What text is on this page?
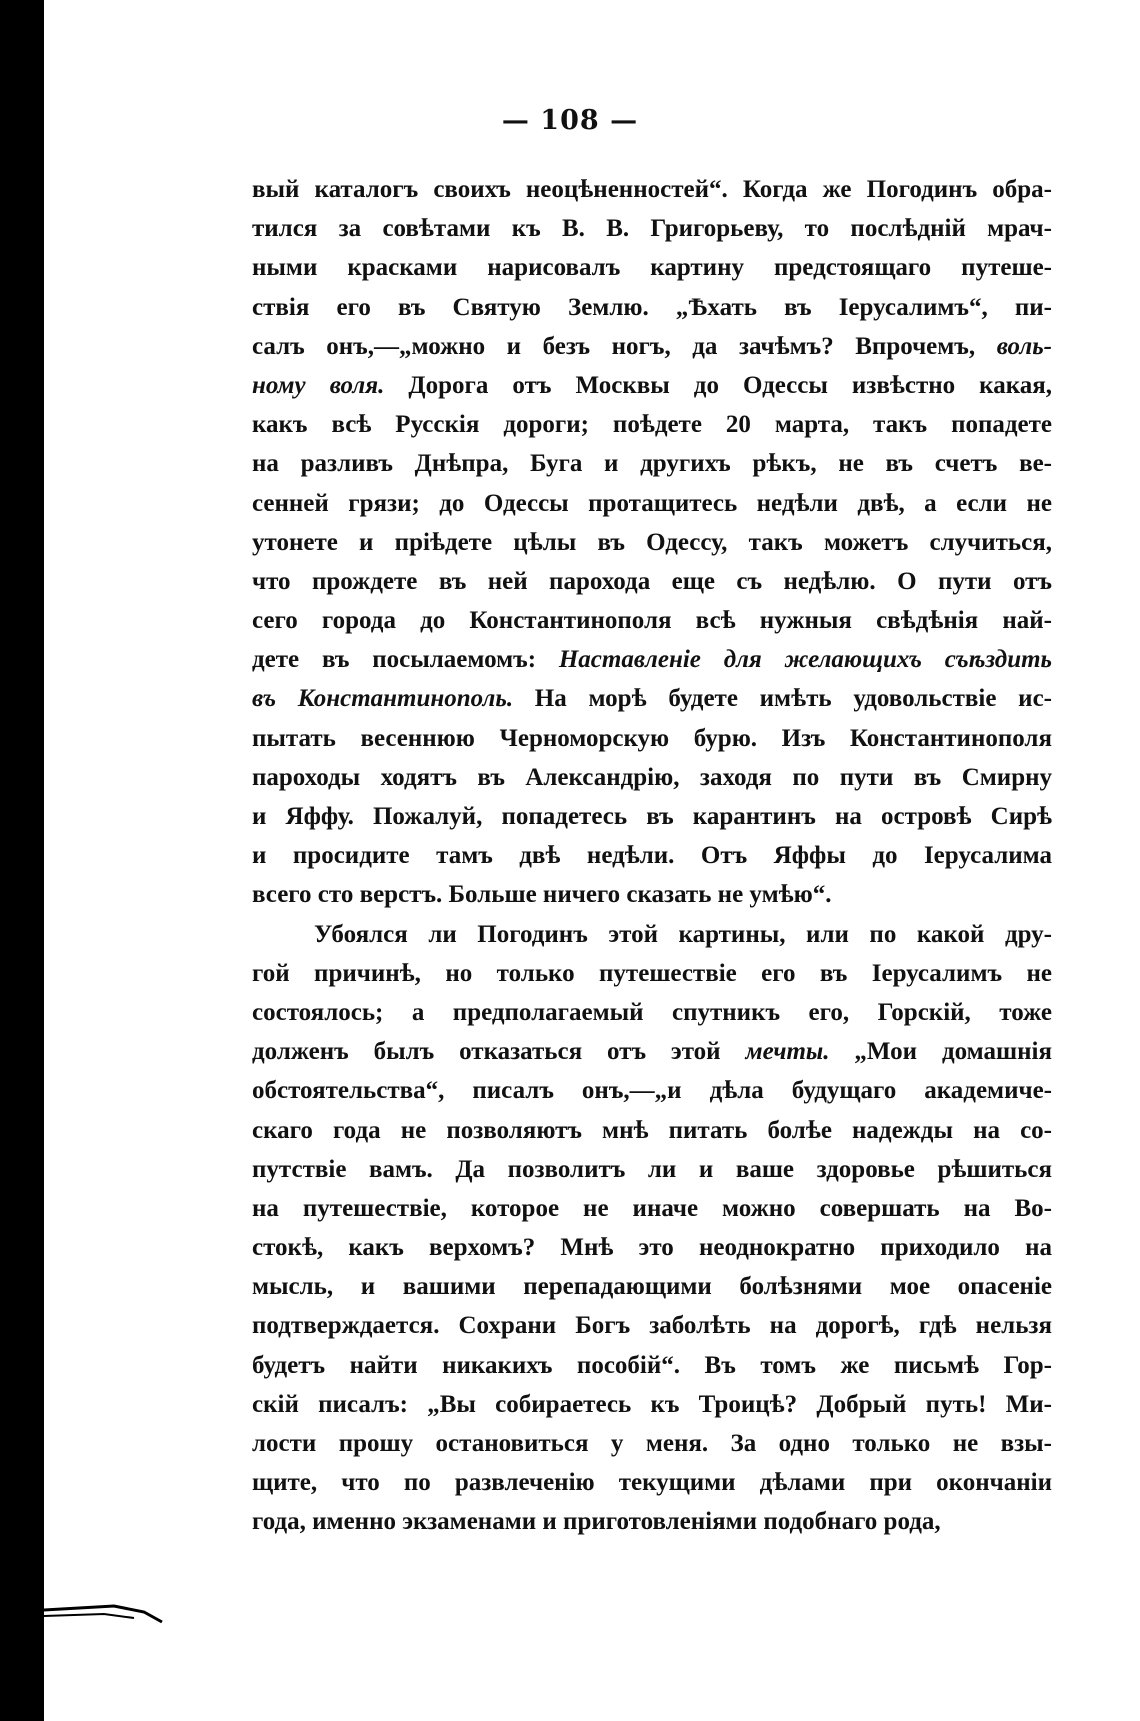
— 108 —
вый каталогъ своихъ неоцѣненностей“. Когда же Погодинъ обра-
тился за совѣтами къ В. В. Григорьеву, то послѣднiй мрач-
ными красками нарисовалъ картину предстоящаго путеше-
ствiя его въ Святую Землю. „Ѣхать въ Iерусалимъ“, пи-
салъ онъ,—„можно и безъ ногъ, да зачѣмъ? Впрочемъ, воль-
ному воля. Дорога отъ Москвы до Одессы извѣстно какая,
какъ всѣ Русскiя дороги; поѣдете 20 марта, такъ попадете
на разливъ Днѣпра, Буга и другихъ рѣкъ, не въ счетъ ве-
сенней грязи; до Одессы протащитесь недѣли двѣ, а если не
утонете и прiѣдете цѣлы въ Одессу, такъ можетъ случиться,
что прождете въ ней парохода еще съ недѣлю. О пути отъ
сего города до Константинополя всѣ нужныя свѣдѣнiя най-
дете въ посылаемомъ: Наставленiе для желающихъ съѣздить
въ Константинополь. На морѣ будете имѣть удовольствiе ис-
пытать весеннюю Черноморскую бурю. Изъ Константинополя
пароходы ходятъ въ Александрiю, заходя по пути въ Смирну
и Яффу. Пожалуй, попадетесь въ карантинъ на островѣ Сирѣ
и просидите тамъ двѣ недѣли. Отъ Яффы до Iерусалима
всего сто верстъ. Больше ничего сказать не умѣю“.
Убоялся ли Погодинъ этой картины, или по какой дру-
гой причинѣ, но только путешествiе его въ Iерусалимъ не
состоялось; а предполагаемый спутникъ его, Горскiй, тоже
долженъ былъ отказаться отъ этой мечты. „Мои домашнiя
обстоятельства“, писалъ онъ,—„и дѣла будущаго академиче-
скаго года не позволяютъ мнѣ питать болѣе надежды на со-
путствiе вамъ. Да позволитъ ли и ваше здоровье рѣшиться
на путешествiе, которое не иначе можно совершать на Во-
стокѣ, какъ верхомъ? Мнѣ это неоднократно приходило на
мысль, и вашими перепадающими болѣзнями мое опасенiе
подтверждается. Сохрани Богъ заболѣть на дорогѣ, гдѣ нельзя
будетъ найти никакихъ пособiй“. Въ томъ же письмѣ Гор-
скiй писалъ: „Вы собираетесь къ Троицѣ? Добрый путь! Ми-
лости прошу остановиться у меня. За одно только не взы-
щите, что по развлеченiю текущими дѣлами при окончанiи
года, именно экзаменами и приготовленiями подобнаго рода,
